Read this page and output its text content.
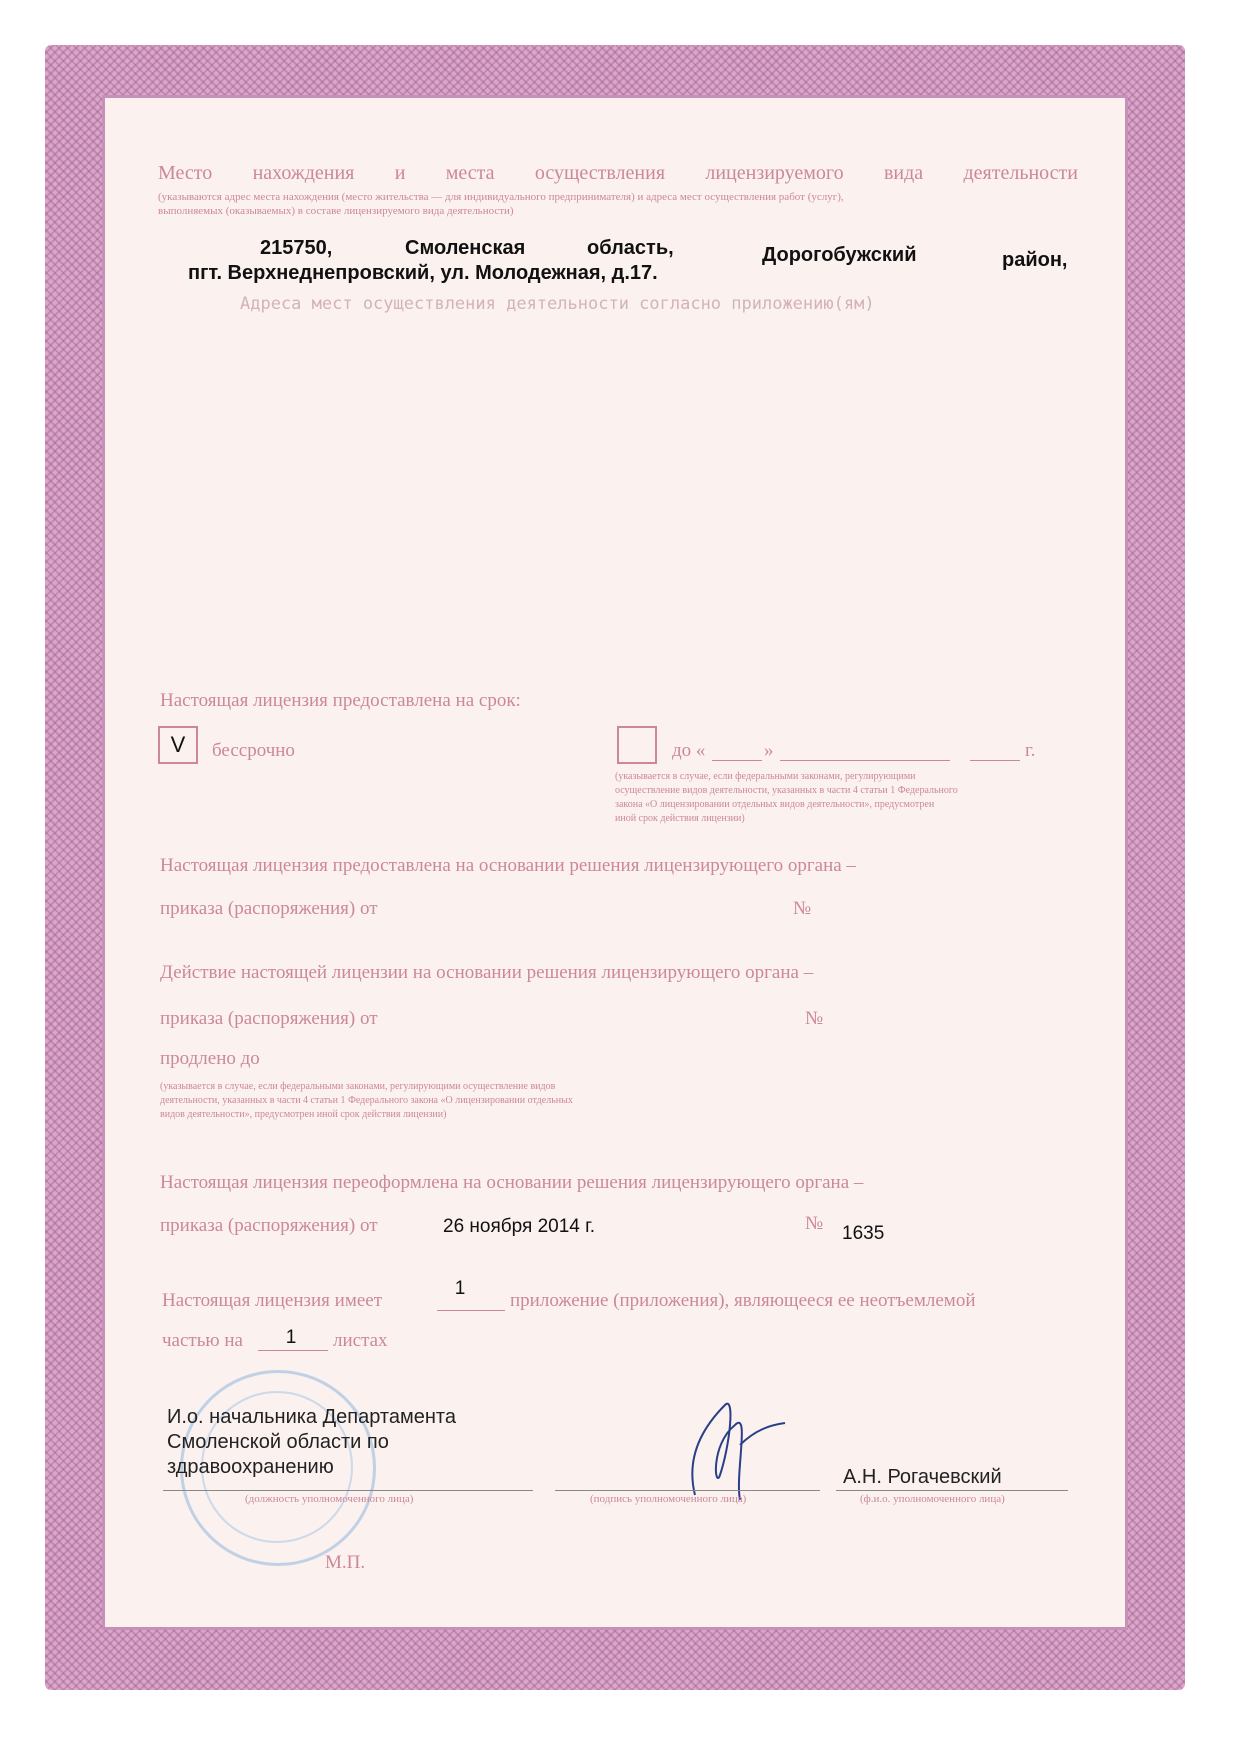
Место нахождения и места осуществления лицензируемого вида деятельности
(указываются адрес места нахождения (место жительства — для индивидуального предпринимателя) и адреса мест осуществления работ (услуг),
выполняемых (оказываемых) в составе лицензируемого вида деятельности)
215750,	Смоленская	область,	Дорогобужский	район,
пгт. Верхнеднепровский, ул. Молодежная, д.17.
Адреса мест осуществления деятельности согласно приложению(ям)
Настоящая лицензия предоставлена на срок:
V	бессрочно	до «	»	г.
(указывается в случае, если федеральными законами, регулирующими
осуществление видов деятельности, указанных в части 4 статьи 1 Федерального
закона «О лицензировании отдельных видов деятельности», предусмотрен
иной срок действия лицензии)
Настоящая лицензия предоставлена на основании решения лицензирующего органа –
приказа (распоряжения) от	№
Действие настоящей лицензии на основании решения лицензирующего органа –
приказа (распоряжения) от	№
продлено до
(указывается в случае, если федеральными законами, регулирующими осуществление видов
деятельности, указанных в части 4 статьи 1 Федерального закона «О лицензировании отдельных
видов деятельности», предусмотрен иной срок действия лицензии)
Настоящая лицензия переоформлена на основании решения лицензирующего органа –
приказа (распоряжения) от	26 ноября 2014 г.	№ 1635
Настоящая лицензия имеет
1
приложение (приложения), являющееся ее неотъемлемой
частью на	1	листах
И.о. начальника Департамента
Смоленской области по
здравоохранению
(должность уполномоченного лица)	(подпись уполномоченного лица)
А.Н. Рогачевский
(ф.и.о. уполномоченного лица)
М.П.
